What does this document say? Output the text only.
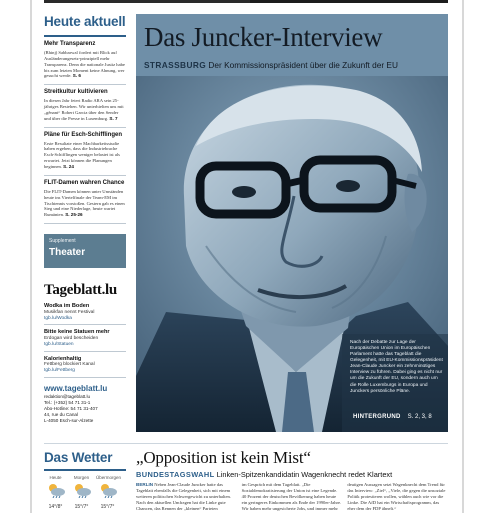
Heute aktuell
Mehr Transparenz

(Bhinj) Sabbarwal fordert mit Blick auf Ausländerangesetz-prinzipiell mehr Transparenz. Denn die nationale Justiz habe bis zum letzten Moment keine Ahnung, wer gesucht werde. S. 6

Streitkultur kultivieren

In diesen Jahr feiert Radio ARA sein 25-jähriges Bestehen. Wir unterhielten uns mit „gênant“ Robert Garcia über den Sender und über die Presse in Luxemburg. S. 7

Pläne für Esch-Schifflingen

Erste Resultate einer Machbarkeitsstudie haben ergeben, dass die Industriebrache Esch-Schifflingen weniger belastet ist als erwartet. Jetzt können die Planungen beginnen. S. 24

FLIT-Damen wahren Chance

Die FLIT-Damen können unter Umständen heute ins Viertelfinale der Team-EM im Tischtennis vorstoßen. Gestern gab es einen Sieg und eine Niederlage, heute wartet Rumänien. S. 25-26

Supplement
Theater
Tageblatt.lu
Wodka im Boden
Musikfan nennt Festival
tgb.lu/Wodka
Bitte keine Statuen mehr
Erdogan wird bescheiden
tgb.lu/Statuen
Kalorienhaltig
Fettberg blockiert Kanal
tgb.lu/Fettberg
www.tageblatt.lu
redaktion@tageblatt.lu
Tel.: (+352) 54 71 31-1
Abo-Hotline: 54 71 31-407
44, rue du Canal
L-4050 Esch-sur-Alzette
Das Juncker-Interview
STRASSBURG Der Kommissionspräsident über die Zukunft der EU
Nach der Debatte zur Lage der Europäischen Union im Europäischen Parlament hatte das Tageblatt die Gelegenheit, mit EU-Kommissionspräsident Jean-Claude Juncker ein zehnminütiges Interview zu führen. Dabei ging es nicht nur um die Zukunft der EU, sondern auch um die Rolle Luxemburgs in Europa und Junckers persönliche Pläne.
HINTERGRUND	S. 2, 3, 8
Das Wetter
Heute
14°/8°
Morgen
15°/7°
Übermorgen
15°/7°
„Opposition ist kein Mist“
BUNDESTAGSWAHL Linken-Spitzenkandidatin Wagenknecht redet Klartext

BERLIN Neben Jean-Claude Juncker hatte das Tageblatt ebenfalls die Gelegenheit, sich mit einem weiteren politischen Schwergewicht zu unterhalten. Nach den aktuellen Umfragen hat die Linke gute Chancen, das Rennen der „kleinen“ Parteien

im Gespräch mit dem Tageblatt. „Die Sozialdemokratisierung der Union ist eine Legende. 40 Prozent der deutschen Bevölkerung haben heute ein geringeres Einkommen als Ende der 1990er-Jahre. Wir haben mehr ungesicherte Jobs, und immer mehr

deutigen Aussagen setzt Wagenknecht dem Trend für das Interview: „Ziel“, „Viele, die gegen die unsoziale Politik protestieren wollen, wählen auch wie vor die Linke. Die AfD hat ein Wirtschaftsprogramm, das eher dem der FDP ähnelt.“
